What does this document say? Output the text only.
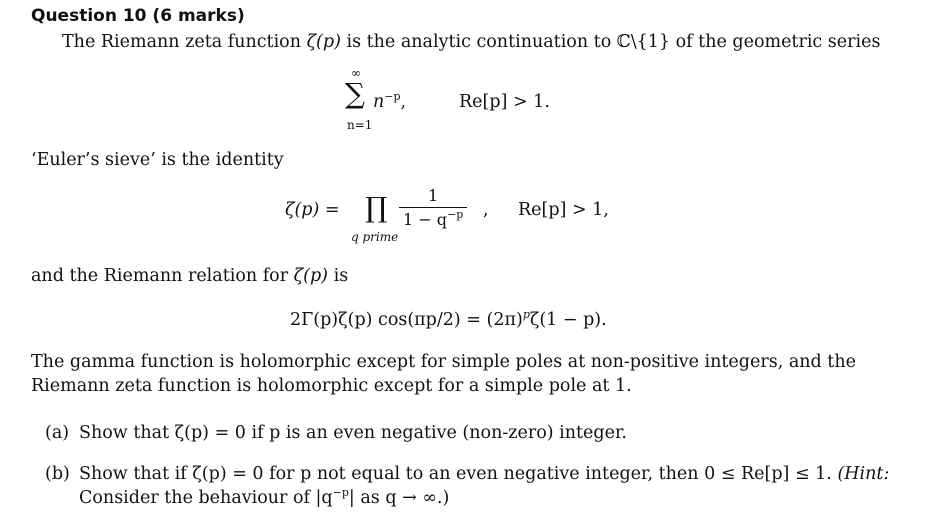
Question 10 (6 marks)
The Riemann zeta function ζ(p) is the analytic continuation to ℂ\{1} of the geometric series
∞
∑
n=1
$n^{-p}$,	Re[p] > 1.
‘Euler’s sieve’ is the identity
ζ(p) = ∏
q prime
$\frac{1}{1 - q^{-p}}$ , Re[p] > 1,
and the Riemann relation for ζ(p) is
2Γ(p)ζ(p) $\cos(\pi p/2) = (2\pi)^p\zeta(1 - p)$.
The gamma function is holomorphic except for simple poles at non-positive integers, and the
Riemann zeta function is holomorphic except for a simple pole at 1.
(a) Show that ζ(p) = 0 if p is an even negative (non-zero) integer.
(b) Show that if ζ(p) = 0 for p not equal to an even negative integer, then 0 ≤ Re[p] ≤ 1. (Hint:
Consider the behaviour of $|q^{-p}|$ as q → ∞.)
